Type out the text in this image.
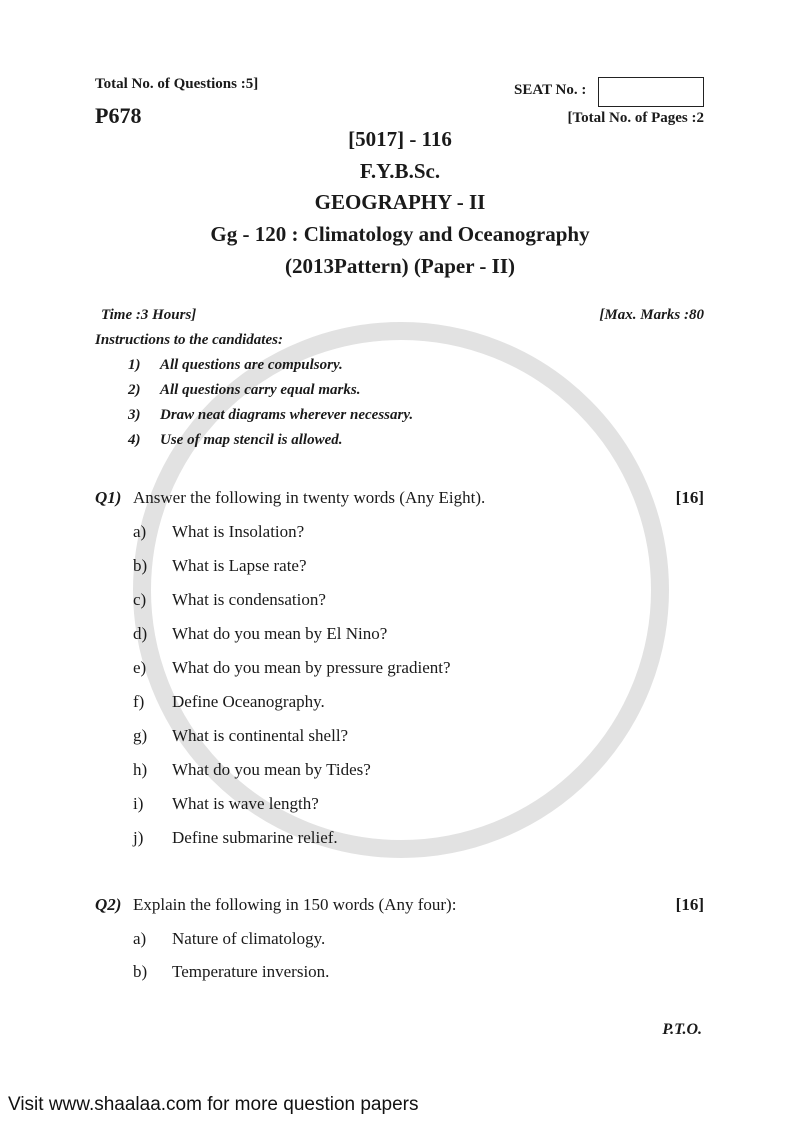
Total No. of Questions :5]
P678
SEAT No. :
[Total No. of Pages :2
[5017] - 116
F.Y.B.Sc.
GEOGRAPHY - II
Gg - 120 : Climatology and Oceanography
(2013Pattern) (Paper - II)
Time :3 Hours]	[Max. Marks :80
Instructions to the candidates:
1) All questions are compulsory.
2) All questions carry equal marks.
3) Draw neat diagrams wherever necessary.
4) Use of map stencil is allowed.
Q1) Answer the following in twenty words (Any Eight).	[16]
a) What is Insolation?
b) What is Lapse rate?
c) What is condensation?
d) What do you mean by El Nino?
e) What do you mean by pressure gradient?
f) Define Oceanography.
g) What is continental shell?
h) What do you mean by Tides?
i) What is wave length?
j) Define submarine relief.
Q2) Explain the following in 150 words (Any four):	[16]
a) Nature of climatology.
b) Temperature inversion.
P.T.O.
Visit www.shaalaa.com for more question papers
